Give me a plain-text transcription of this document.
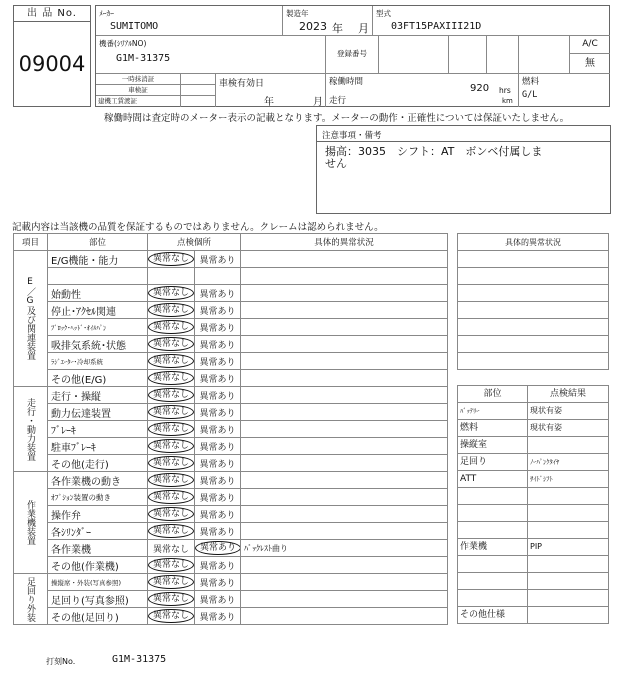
出 品 No.
09004
ﾒｰｶｰ
SUMITOMO
製造年
2023 年 月
型式
03FT15PAXIII21D
機番(ｼﾘｱﾙNO)
G1M-31375	登録番号
A/C
無
一時抹消証
車検証
建機工賃渡証
車検有効日
年	月
稼働時間
920 hrs
走行	km
燃料
G/L
稼働時間は査定時のメーター表示の記載となります。メーターの動作・正確性については保証いたしません。
注意事項・備考
揚高：3035　シフト：AT　ボンベ付属しません
記載内容は当該機の品質を保証するものではありません。クレームは認められません。
項目	部位	点検個所		具体的異常状況
E／G及び関連装置	E/G機能・能力	異常なし	異常あり	

	始動性	異常なし	異常あり	
	停止･ｱｸｾﾙ関連	異常なし	異常あり	
	ﾌﾞﾛｯｸ･ﾍｯﾄﾞ･ｵｲﾙﾊﾟﾝ	異常なし	異常あり	
	吸排気系統･状態	異常なし	異常あり	
	ﾗｼﾞｴｰﾀｰ･冷却系統	異常なし	異常あり	
	その他(E/G)	異常なし	異常あり	
走行・動力装置	走行・操縦	異常なし	異常あり	
	動力伝達装置	異常なし	異常あり	
	ﾌﾞﾚｰｷ	異常なし	異常あり	
	駐車ﾌﾞﾚｰｷ	異常なし	異常あり	
	その他(走行)	異常なし	異常あり	
作業機装置	各作業機の動き	異常なし	異常あり	
	ｵﾌﾟｼｮﾝ装置の動き	異常なし	異常あり	
	操作弁	異常なし	異常あり	
	各ｼﾘﾝﾀﾞｰ	異常なし	異常あり	
	各作業機	異常なし	異常あり	ﾊﾞｯｸﾚｽﾄ曲り
	その他(作業機)	異常なし	異常あり	
足回り外装	操縦席・外装(写真参照)	異常なし	異常あり	
	足回り(写真参照)	異常なし	異常あり	
	その他(足回り)	異常なし	異常あり	
具体的異常状況

部位	点検結果
ﾊﾞｯﾃﾘｰ	現状有姿
燃料	現状有姿
操縦室	
足回り	ﾉｰﾊﾟﾝｸﾀｲﾔ
ATT	ｻｲﾄﾞｼﾌﾄ

作業機	PIP

その他仕様	
打刻No.	G1M-31375
